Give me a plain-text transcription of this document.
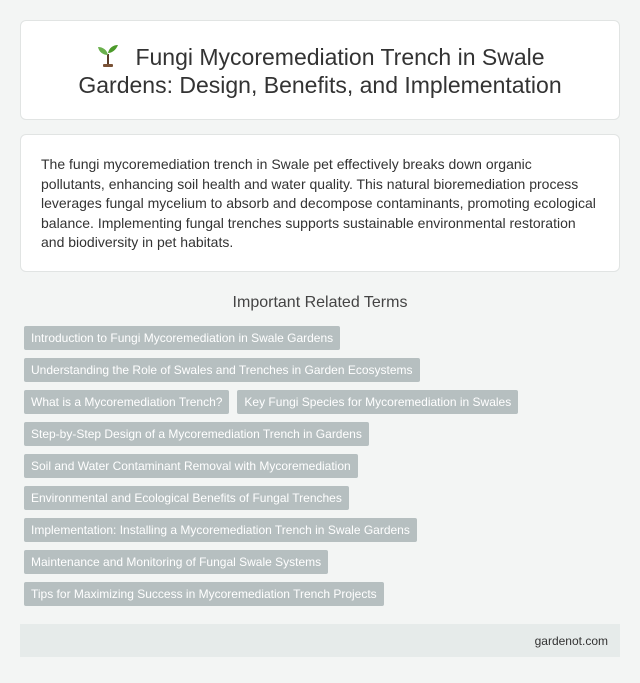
Fungi Mycoremediation Trench in Swale Gardens: Design, Benefits, and Implementation

The fungi mycoremediation trench in Swale pet effectively breaks down organic pollutants, enhancing soil health and water quality. This natural bioremediation process leverages fungal mycelium to absorb and decompose contaminants, promoting ecological balance. Implementing fungal trenches supports sustainable environmental restoration and biodiversity in pet habitats.

Important Related Terms
Introduction to Fungi Mycoremediation in Swale Gardens
Understanding the Role of Swales and Trenches in Garden Ecosystems
What is a Mycoremediation Trench?	Key Fungi Species for Mycoremediation in Swales
Step-by-Step Design of a Mycoremediation Trench in Gardens
Soil and Water Contaminant Removal with Mycoremediation
Environmental and Ecological Benefits of Fungal Trenches
Implementation: Installing a Mycoremediation Trench in Swale Gardens
Maintenance and Monitoring of Fungal Swale Systems
Tips for Maximizing Success in Mycoremediation Trench Projects
gardenot.com
